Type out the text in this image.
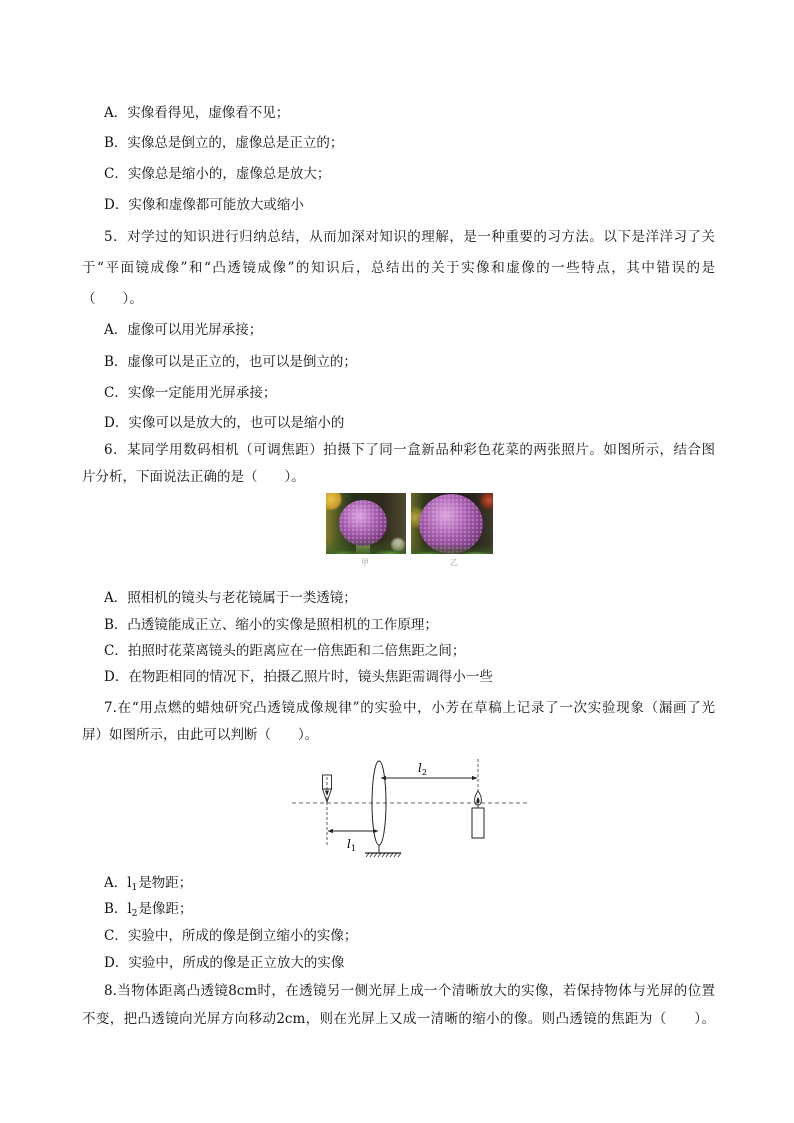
A．实像看得见，虚像看不见；
B．实像总是倒立的，虚像总是正立的；
C．实像总是缩小的，虚像总是放大；
D．实像和虚像都可能放大或缩小
5．对学过的知识进行归纳总结，从而加深对知识的理解，是一种重要的习方法。以下是洋洋习了关
于“平面镜成像”和“凸透镜成像”的知识后，总结出的关于实像和虚像的一些特点，其中错误的是
（　　）。
A．虚像可以用光屏承接；
B．虚像可以是正立的，也可以是倒立的；
C．实像一定能用光屏承接；
D．实像可以是放大的，也可以是缩小的
6．某同学用数码相机（可调焦距）拍摄下了同一盒新品种彩色花菜的两张照片。如图所示，结合图
片分析，下面说法正确的是（　　）。
甲	乙
A．照相机的镜头与老花镜属于一类透镜；
B．凸透镜能成正立、缩小的实像是照相机的工作原理；
C．拍照时花菜离镜头的距离应在一倍焦距和二倍焦距之间；
D．在物距相同的情况下，拍摄乙照片时，镜头焦距需调得小一些
7.在“用点燃的蜡烛研究凸透镜成像规律”的实验中，小芳在草稿上记录了一次实验现象（漏画了光
屏）如图所示，由此可以判断（　　）。
$l_1$
$l_2$
A．$l_1$是物距；
B．$l_2$是像距；
C．实验中，所成的像是倒立缩小的实像；
D．实验中，所成的像是正立放大的实像
8.当物体距离凸透镜8cm时，在透镜另一侧光屏上成一个清晰放大的实像，若保持物体与光屏的位置
不变，把凸透镜向光屏方向移动2cm，则在光屏上又成一清晰的缩小的像。则凸透镜的焦距为（　　）。
